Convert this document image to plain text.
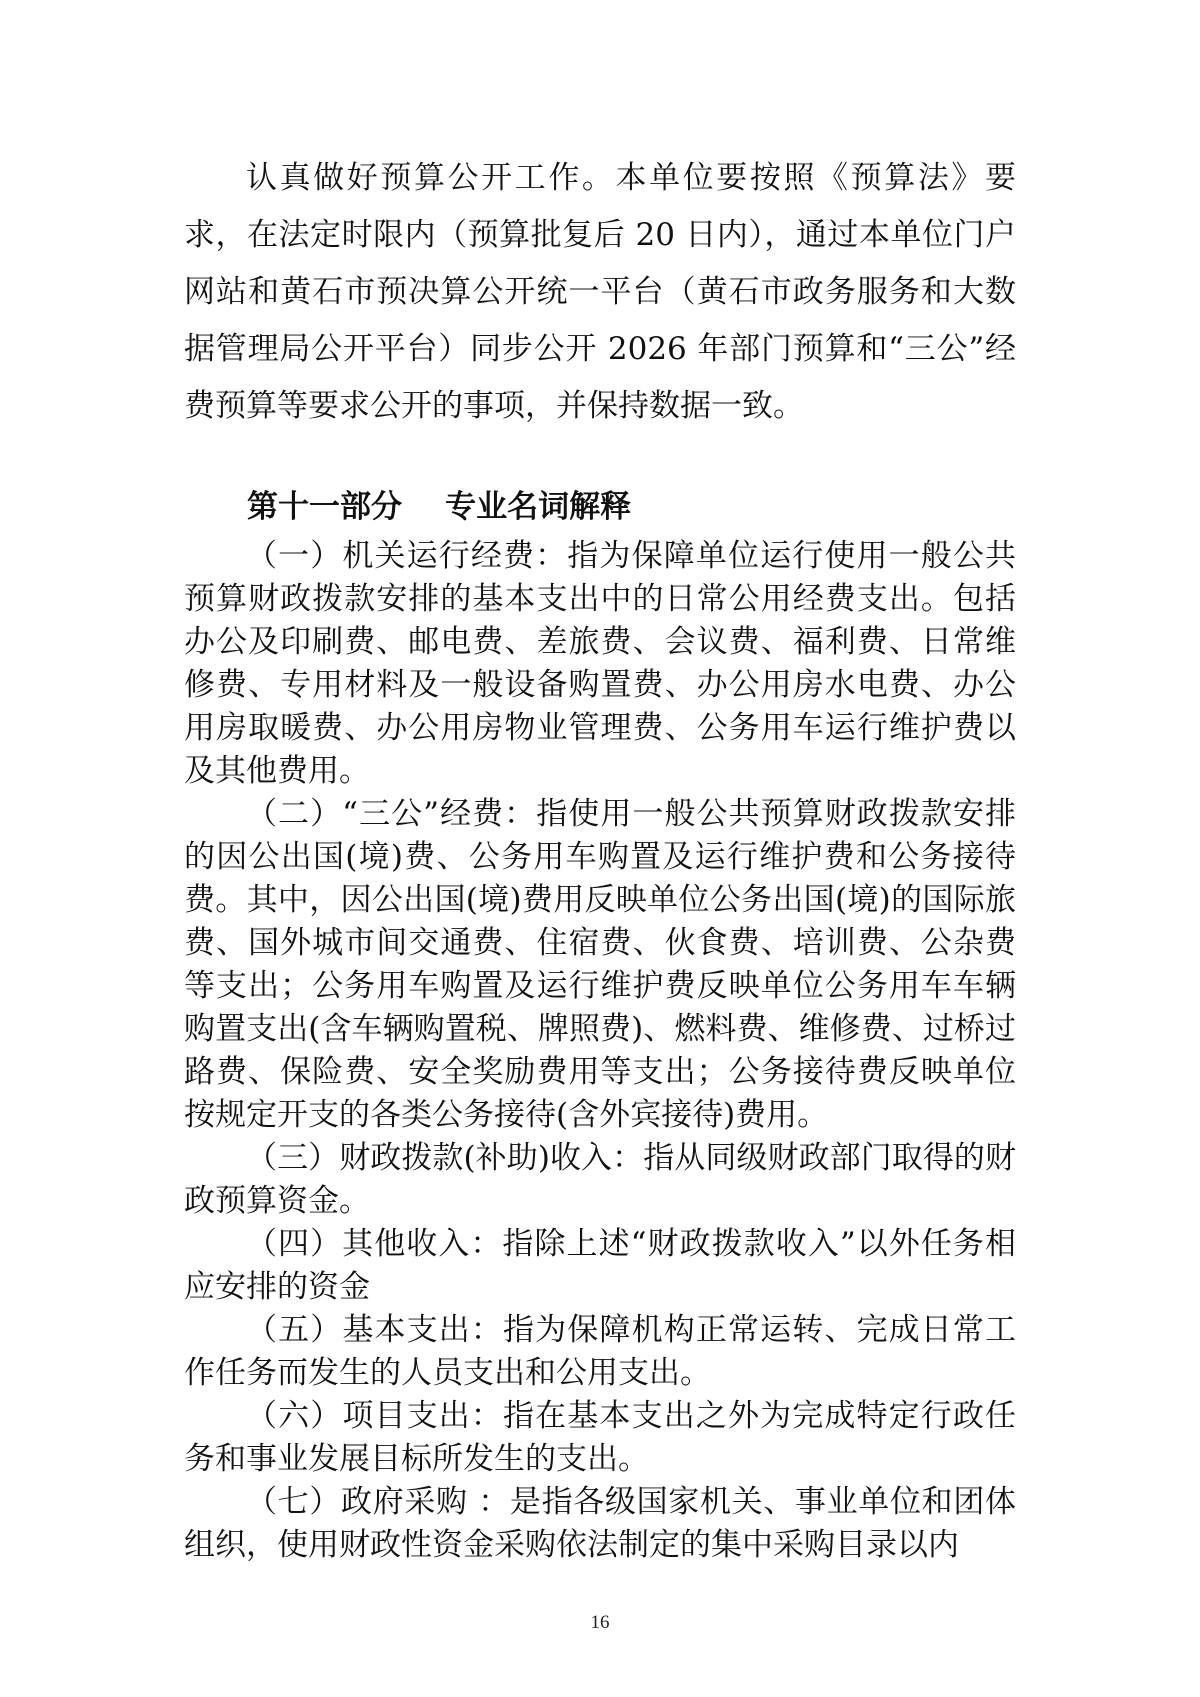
认真做好预算公开工作。本单位要按照《预算法》要求，在法定时限内（预算批复后 20 日内），通过本单位门户网站和黄石市预决算公开统一平台（黄石市政务服务和大数据管理局公开平台）同步公开 2026 年部门预算和“三公”经费预算等要求公开的事项，并保持数据一致。

第十一部分    专业名词解释

（一）机关运行经费：指为保障单位运行使用一般公共预算财政拨款安排的基本支出中的日常公用经费支出。包括办公及印刷费、邮电费、差旅费、会议费、福利费、日常维修费、专用材料及一般设备购置费、办公用房水电费、办公用房取暖费、办公用房物业管理费、公务用车运行维护费以及其他费用。

（二）“三公”经费：指使用一般公共预算财政拨款安排的因公出国(境)费、公务用车购置及运行维护费和公务接待费。其中，因公出国(境)费用反映单位公务出国(境)的国际旅费、国外城市间交通费、住宿费、伙食费、培训费、公杂费等支出；公务用车购置及运行维护费反映单位公务用车车辆购置支出(含车辆购置税、牌照费)、燃料费、维修费、过桥过路费、保险费、安全奖励费用等支出；公务接待费反映单位按规定开支的各类公务接待(含外宾接待)费用。

（三）财政拨款(补助)收入：指从同级财政部门取得的财政预算资金。

（四）其他收入：指除上述“财政拨款收入”以外任务相应安排的资金

（五）基本支出：指为保障机构正常运转、完成日常工作任务而发生的人员支出和公用支出。

（六）项目支出：指在基本支出之外为完成特定行政任务和事业发展目标所发生的支出。

（七）政府采购 ：是指各级国家机关、事业单位和团体组织，使用财政性资金采购依法制定的集中采购目录以内

16
